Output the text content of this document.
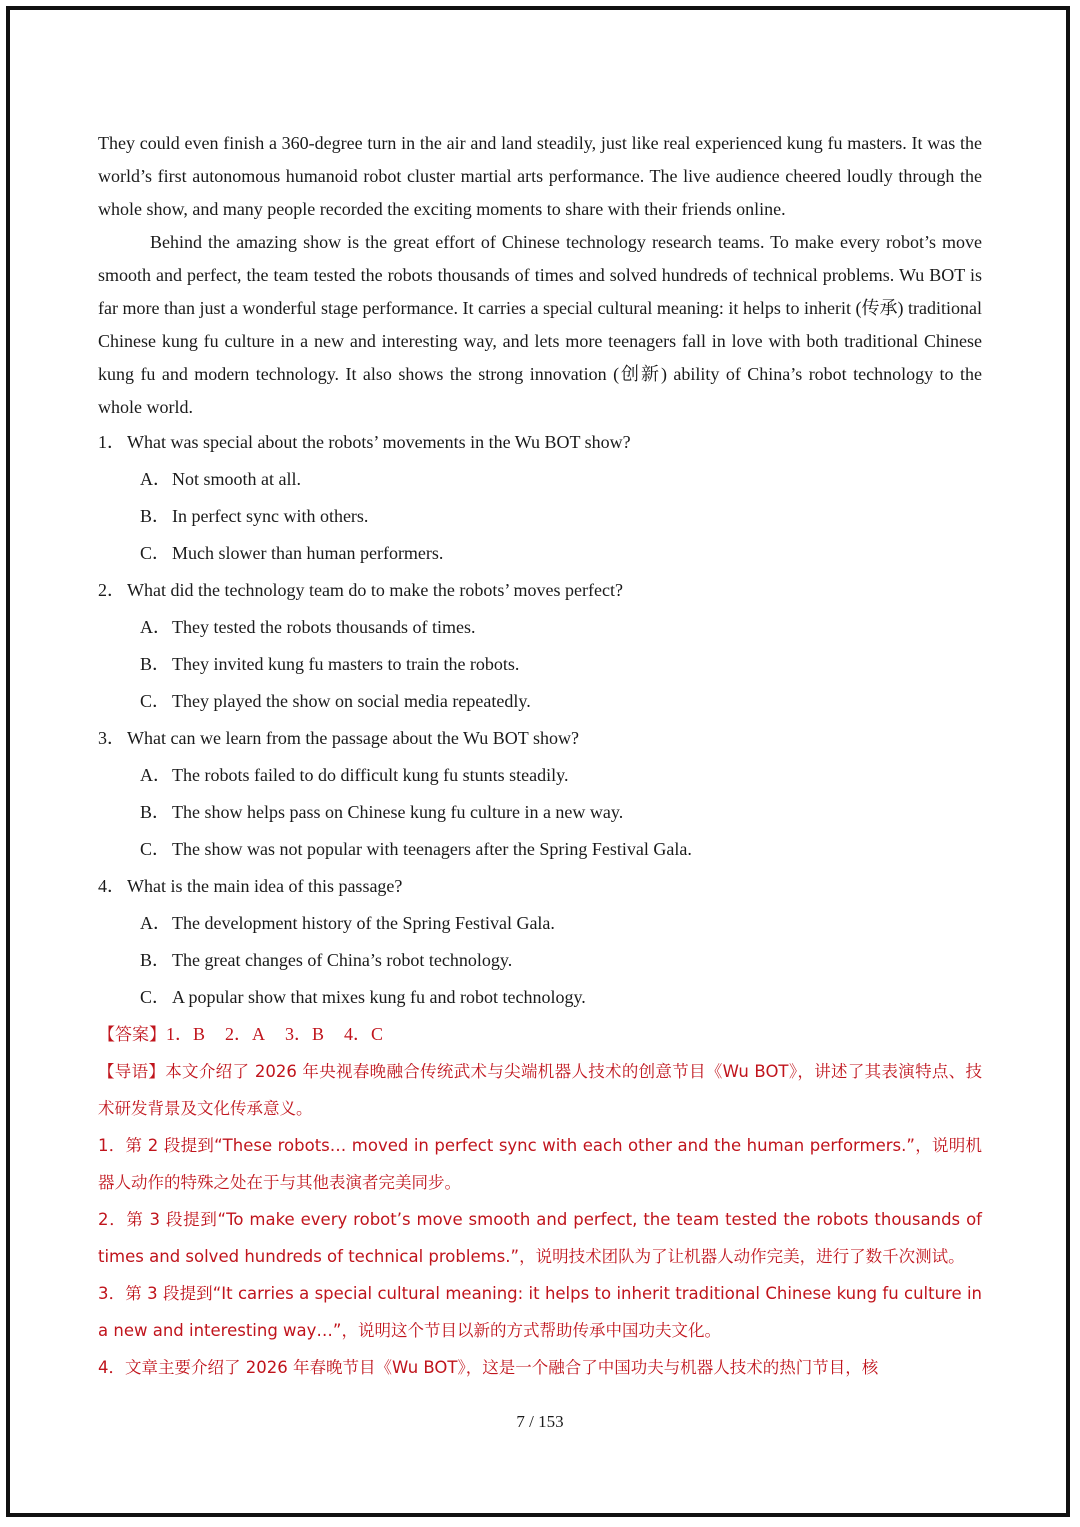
They could even finish a 360-degree turn in the air and land steadily, just like real experienced kung fu masters. It was the world’s first autonomous humanoid robot cluster martial arts performance. The live audience cheered loudly through the whole show, and many people recorded the exciting moments to share with their friends online.

Behind the amazing show is the great effort of Chinese technology research teams. To make every robot’s move smooth and perfect, the team tested the robots thousands of times and solved hundreds of technical problems. Wu BOT is far more than just a wonderful stage performance. It carries a special cultural meaning: it helps to inherit (传承) traditional Chinese kung fu culture in a new and interesting way, and lets more teenagers fall in love with both traditional Chinese kung fu and modern technology. It also shows the strong innovation (创新) ability of China’s robot technology to the whole world.

1． What was special about the robots’ movements in the Wu BOT show?

A．Not smooth at all.

B． In perfect sync with others.

C． Much slower than human performers.

2． What did the technology team do to make the robots’ moves perfect?

A．They tested the robots thousands of times.

B． They invited kung fu masters to train the robots.

C． They played the show on social media repeatedly.

3． What can we learn from the passage about the Wu BOT show?

A．The robots failed to do difficult kung fu stunts steadily.

B． The show helps pass on Chinese kung fu culture in a new way.

C． The show was not popular with teenagers after the Spring Festival Gala.

4． What is the main idea of this passage?

A．The development history of the Spring Festival Gala.

B． The great changes of China’s robot technology.

C． A popular show that mixes kung fu and robot technology.

【答案】1．B 2．A 3．B 4．C

【导语】本文介绍了 2026 年央视春晚融合传统武术与尖端机器人技术的创意节目《Wu BOT》，讲述了其表演特点、技术研发背景及文化传承意义。

1．第 2 段提到“These robots… moved in perfect sync with each other and the human performers.”，说明机器人动作的特殊之处在于与其他表演者完美同步。

2．第 3 段提到“To make every robot’s move smooth and perfect, the team tested the robots thousands of times and solved hundreds of technical problems.”，说明技术团队为了让机器人动作完美，进行了数千次测试。

3．第 3 段提到“It carries a special cultural meaning: it helps to inherit traditional Chinese kung fu culture in a new and interesting way…”，说明这个节目以新的方式帮助传承中国功夫文化。

4．文章主要介绍了 2026 年春晚节目《Wu BOT》，这是一个融合了中国功夫与机器人技术的热门节目，核

7 / 153
